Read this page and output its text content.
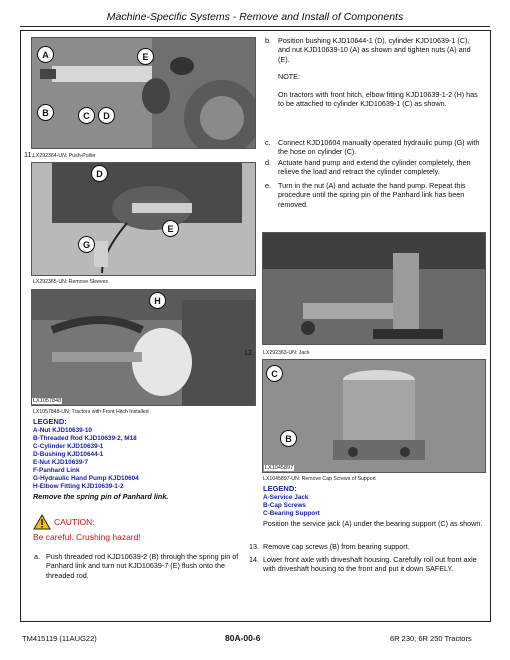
Machine-Specific Systems - Remove and Install of Components
A	E
B	C	D
LX292364-UN: Push-Puller
11.
D
E
G
LX292365-UN: Remove Sleeves
H
LX1057848
LX1057848-UN: Tractors with Front Hitch Installed
LEGEND:
A-Nut KJD10639-10
B-Threaded Rod KJD10639-2, M18
C-Cylinder KJD10639-1
D-Bushing KJD10644-1
E-Nut KJD10639-7
F-Panhard Link
G-Hydraulic Hand Pump KJD10604
H-Elbow Fitting KJD10639-1-2
Remove the spring pin of Panhard link.
CAUTION:
Be careful. Crushing hazard!
a. Push threaded rod KJD10639-2 (B) through the spring pin of Panhard link and turn nut KJD10639-7 (E) flush onto the threaded rod.
b. Position bushing KJD10644-1 (D), cylinder KJD10639-1 (C), and nut KJD10639-10 (A) as shown and tighten nuts (A) and (E).
NOTE:
On tractors with front hitch, elbow fitting KJD10639-1-2 (H) has to be attached to cylinder KJD10639-1 (C) as shown.
c. Connect KJD10604 manually operated hydraulic pump (G) with the hose on cylinder (C).
d. Actuate hand pump and extend the cylinder completely, then relieve the load and retract the cylinder completely.
e. Turn in the nut (A) and actuate the hand pump. Repeat this procedure until the spring pin of the Panhard link has been removed.
12. LX292363-UN: Jack
C
B
LX1045897
LX1045897-UN: Remove Cap Screws of Support
LEGEND:
A-Service Jack
B-Cap Screws
C-Bearing Support
Position the service jack (A) under the bearing support (C) as shown.
13. Remove cap screws (B) from bearing support.
14. Lower front axle with driveshaft housing. Carefully roll out front axle with driveshaft housing to the front and put it down SAFELY.
TM415119 (11AUG22)	80A-00-6	6R 230, 6R 250 Tractors
